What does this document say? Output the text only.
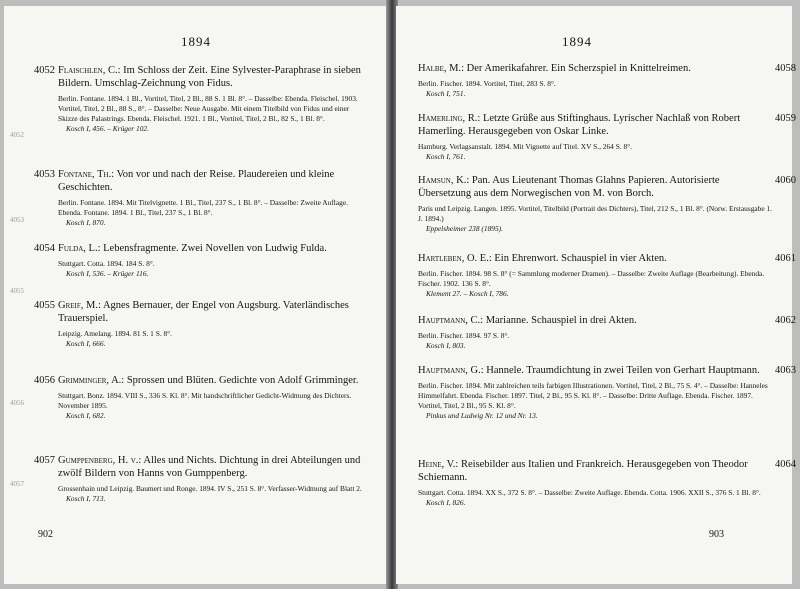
1894
4052 Flaischlen, C.: Im Schloss der Zeit. Eine Sylvester-Paraphrase in sieben Bildern. Umschlag-Zeichnung von Fidus.
Berlin. Fontane. 1894. 1 Bl., Vortitel, Titel, 2 Bl., 88 S. 1 Bl. 8°. – Dasselbe: Ebenda. Fleischel. 1903. Vortitel, Titel, 2 Bl., 88 S., 8°. – Dasselbe: Neue Ausgabe. Mit einem Titelbild von Fidus und einer Skizze des Palastrings. Ebenda. Fleischel. 1921. 1 Bl., Vortitel, Titel, 2 Bl., 82 S., 1 Bl. 8°.
Kosch I, 456. – Krüger 102.
4053 Fontane, Th.: Von vor und nach der Reise. Plaudereien und kleine Geschichten.
Berlin. Fontane. 1894. Mit Titelvignette. 1 Bl., Titel, 237 S., 1 Bl. 8°. – Dasselbe: Zweite Auflage. Ebenda. Fontane. 1894. 1 Bl., Titel, 237 S., 1 Bl. 8°.
Kosch I, 870.
4054 Fulda, L.: Lebensfragmente. Zwei Novellen von Ludwig Fulda.
Stuttgart. Cotta. 1894. 184 S. 8°.
Kosch I, 536. – Krüger 116.
4055 Greif, M.: Agnes Bernauer, der Engel von Augsburg. Vaterländisches Trauerspiel.
Leipzig. Amelang. 1894. 81 S. 1 S. 8°.
Kosch I, 666.
4056 Grimminger, A.: Sprossen und Blüten. Gedichte von Adolf Grimminger.
Stuttgart. Bonz. 1894. VIII S., 336 S. Kl. 8°. Mit handschriftlicher Gedicht-Widmung des Dichters. November 1895.
Kosch I, 682.
4057 Gumppenberg, H. v.: Alles und Nichts. Dichtung in drei Abteilungen und zwölf Bildern von Hanns von Gumppenberg.
Grossenhain und Leipzig. Baumert und Ronge. 1894. IV S., 251 S. 8°. Verfasser-Widmung auf Blatt 2.
Kosch I, 713.
4052
4053
4055
4056
4057
902
1894
4058
Halbe, M.: Der Amerikafahrer. Ein Scherzspiel in Knittelreimen.
Berlin. Fischer. 1894. Vortitel, Titel, 283 S. 8°.
Kosch I, 751.
4059
Hamerling, R.: Letzte Grüße aus Stiftinghaus. Lyrischer Nachlaß von Robert Hamerling. Herausgegeben von Oskar Linke.
Hamburg. Verlagsanstalt. 1894. Mit Vignette auf Titel. XV S., 264 S. 8°.
Kosch I, 761.
4060
Hamsun, K.: Pan. Aus Lieutenant Thomas Glahns Papieren. Autorisierte Übersetzung aus dem Norwegischen von M. von Borch.
Paris und Leipzig. Langen. 1895. Vortitel, Titelbild (Portrait des Dichters), Titel, 212 S., 1 Bl. 8°. (Norw. Erstausgabe 1. J. 1894.)
Eppelsheimer 238 (1895).
4061
Hartleben, O. E.: Ein Ehrenwort. Schauspiel in vier Akten.
Berlin. Fischer. 1894. 98 S. 8° (= Sammlung moderner Dramen). – Dasselbe: Zweite Auflage (Bearbeitung). Ebenda. Fischer. 1902. 136 S. 8°.
Klement 27. – Kosch I, 786.
4062
Hauptmann, C.: Marianne. Schauspiel in drei Akten.
Berlin. Fischer. 1894. 97 S. 8°.
Kosch I, 803.
4063
Hauptmann, G.: Hannele. Traumdichtung in zwei Teilen von Gerhart Hauptmann.
Berlin. Fischer. 1894. Mit zahlreichen teils farbigen Illustrationen. Vortitel, Titel, 2 Bl., 75 S. 4°. – Dasselbe: Hanneles Himmelfahrt. Ebenda. Fischer. 1897. Titel, 2 Bl., 95 S. Kl. 8°. – Dasselbe: Dritte Auflage. Ebenda. Fischer. 1897. Vortitel, Titel, 2 Bl., 95 S. Kl. 8°.
Pinkus und Ludwig Nr. 12 und Nr. 13.
4064
Heine, V.: Reisebilder aus Italien und Frankreich. Herausgegeben von Theodor Schiemann.
Stuttgart. Cotta. 1894. XX S., 372 S. 8°. – Dasselbe: Zweite Auflage. Ebenda. Cotta. 1906. XXII S., 376 S. 1 Bl. 8°.
Kosch I, 826.
903
